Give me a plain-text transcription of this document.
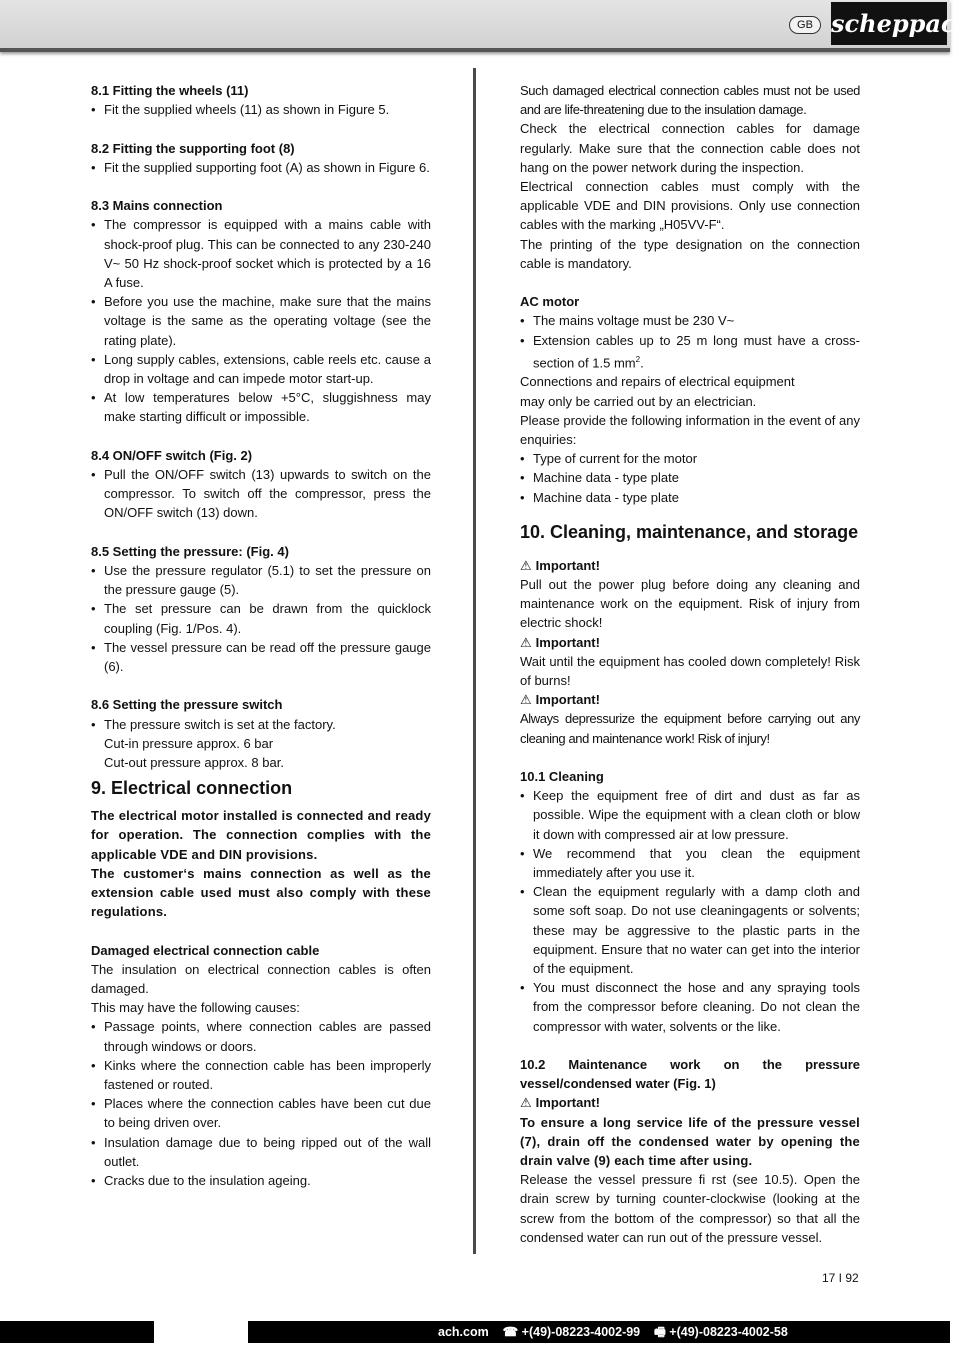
GB scheppach

8.1 Fitting the wheels (11)

• Fit the supplied wheels (11) as shown in Figure 5.

8.2 Fitting the supporting foot (8)

• Fit the supplied supporting foot (A) as shown in Figure 6.

8.3 Mains connection

• The compressor is equipped with a mains cable with shock-proof plug. This can be connected to any 230-240 V~ 50 Hz shock-proof socket which is protected by a 16 A fuse.
• Before you use the machine, make sure that the mains voltage is the same as the operating voltage (see the rating plate).
• Long supply cables, extensions, cable reels etc. cause a drop in voltage and can impede motor start-up.
• At low temperatures below +5°C, sluggishness may make starting difficult or impossible.

8.4 ON/OFF switch (Fig. 2)

• Pull the ON/OFF switch (13) upwards to switch on the compressor. To switch off the compressor, press the ON/OFF switch (13) down.

8.5 Setting the pressure: (Fig. 4)

• Use the pressure regulator (5.1) to set the pressure on the pressure gauge (5).
• The set pressure can be drawn from the quicklock coupling (Fig. 1/Pos. 4).
• The vessel pressure can be read off the pressure gauge (6).

8.6 Setting the pressure switch

• The pressure switch is set at the factory.

Cut-in pressure approx. 6 bar

Cut-out pressure approx. 8 bar.

9. Electrical connection

The electrical motor installed is connected and ready for operation. The connection complies with the applicable VDE and DIN provisions.

The customer‘s mains connection as well as the extension cable used must also comply with these regulations.

Damaged electrical connection cable

The insulation on electrical connection cables is often damaged.

This may have the following causes:

• Passage points, where connection cables are passed through windows or doors.
• Kinks where the connection cable has been improperly fastened or routed.
• Places where the connection cables have been cut due to being driven over.
• Insulation damage due to being ripped out of the wall outlet.
• Cracks due to the insulation ageing.

Such damaged electrical connection cables must not be used and are life-threatening due to the insulation damage.

Check the electrical connection cables for damage regularly. Make sure that the connection cable does not hang on the power network during the inspection.

Electrical connection cables must comply with the applicable VDE and DIN provisions. Only use connection cables with the marking „H05VV-F“.

The printing of the type designation on the connection cable is mandatory.

AC motor

• The mains voltage must be 230 V~
• Extension cables up to 25 m long must have a cross-section of 1.5 $mm^2$.

Connections and repairs of electrical equipment

may only be carried out by an electrician.

Please provide the following information in the event of any enquiries:

• Type of current for the motor
• Machine data - type plate
• Machine data - type plate
10. Cleaning, maintenance, and storage

⚠ Important!

Pull out the power plug before doing any cleaning and maintenance work on the equipment. Risk of injury from electric shock!

⚠ Important!

Wait until the equipment has cooled down completely! Risk of burns!

⚠ Important!

Always depressurize the equipment before carrying out any cleaning and maintenance work! Risk of injury!

10.1 Cleaning

• Keep the equipment free of dirt and dust as far as possible. Wipe the equipment with a clean cloth or blow it down with compressed air at low pressure.
• We recommend that you clean the equipment immediately after you use it.
• Clean the equipment regularly with a damp cloth and some soft soap. Do not use cleaningagents or solvents; these may be aggressive to the plastic parts in the equipment. Ensure that no water can get into the interior of the equipment.
• You must disconnect the hose and any spraying tools from the compressor before cleaning. Do not clean the compressor with water, solvents or the like.

10.2 Maintenance work on the pressure vessel/condensed water (Fig. 1)

⚠ Important!

To ensure a long service life of the pressure vessel (7), drain off the condensed water by opening the drain valve (9) each time after using.

Release the vessel pressure fi rst (see 10.5). Open the drain screw by turning counter-clockwise (looking at the screw from the bottom of the compressor) so that all the condensed water can run out of the pressure vessel.

17 I 92
ach.com    ☎ +(49)-08223-4002-99    🖷 +(49)-08223-4002-58
